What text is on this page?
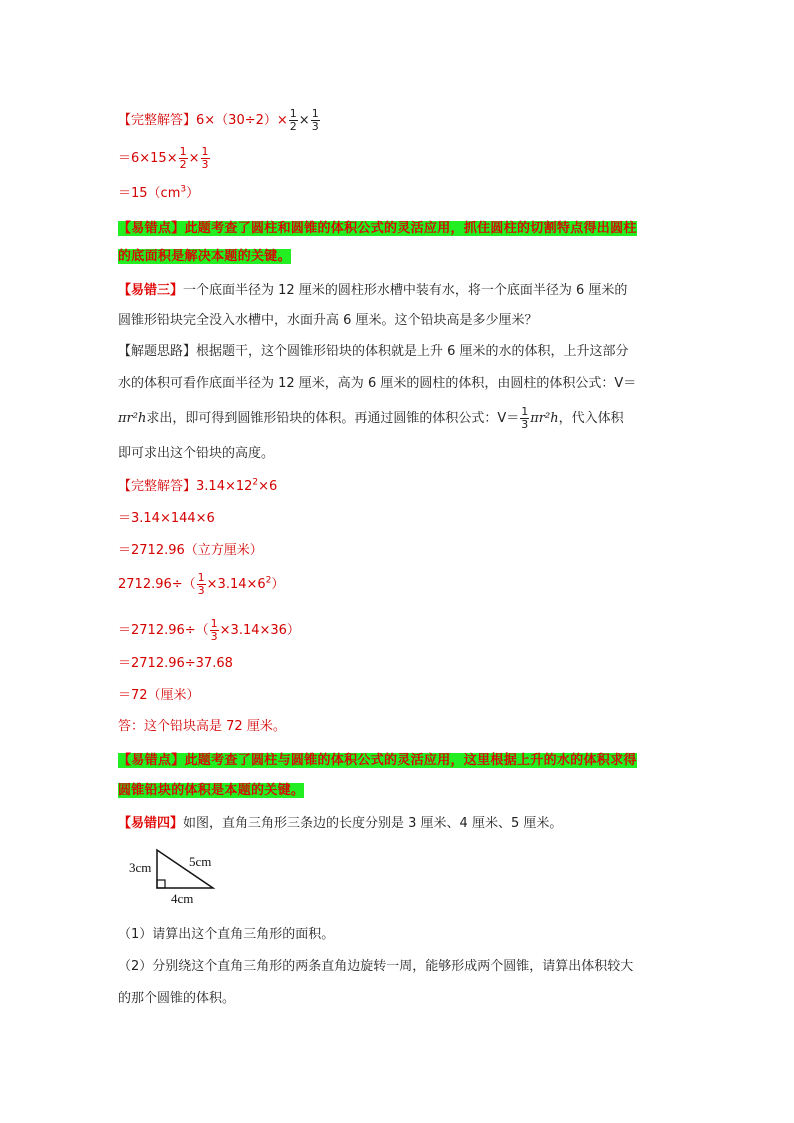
【完整解答】$6\times(30\div 2)\times \frac{1}{2} \times \frac{1}{3}$
$=6\times 15\times \frac{1}{2} \times \frac{1}{3}$
$=15(cm^3)$
【易错点】此题考查了圆柱和圆锥的体积公式的灵活应用，抓住圆柱的切割特点得出圆柱
的底面积是解决本题的关键。
【易错三】一个底面半径为 12 厘米的圆柱形水槽中装有水，将一个底面半径为 6 厘米的
圆锥形铅块完全没入水槽中，水面升高 6 厘米。这个铅块高是多少厘米？
【解题思路】根据题干，这个圆锥形铅块的体积就是上升 6 厘米的水的体积，上升这部分
水的体积可看作底面半径为 12 厘米，高为 6 厘米的圆柱的体积，由圆柱的体积公式：V＝
πr²h求出，即可得到圆锥形铅块的体积。再通过圆锥的体积公式：$V= \frac{1}{3} \pi r^2h$，代入体积
即可求出这个铅块的高度。
【完整解答】$3.14\times 12^2\times 6$
＝3.14×144×6
＝2712.96（立方厘米）
$2712.96\div( \frac{1}{3} \times 3.14\times 6^2)$
$=2712.96\div( \frac{1}{3} \times 3.14\times 36)$
＝2712.96÷37.68
＝72（厘米）
答：这个铅块高是 72 厘米。
【易错点】此题考查了圆柱与圆锥的体积公式的灵活应用，这里根据上升的水的体积求得
圆锥铅块的体积是本题的关键。
【易错四】如图，直角三角形三条边的长度分别是 3 厘米、4 厘米、5 厘米。
3cm	5cm
4cm
（1）请算出这个直角三角形的面积。
（2）分别绕这个直角三角形的两条直角边旋转一周，能够形成两个圆锥，请算出体积较大
的那个圆锥的体积。
